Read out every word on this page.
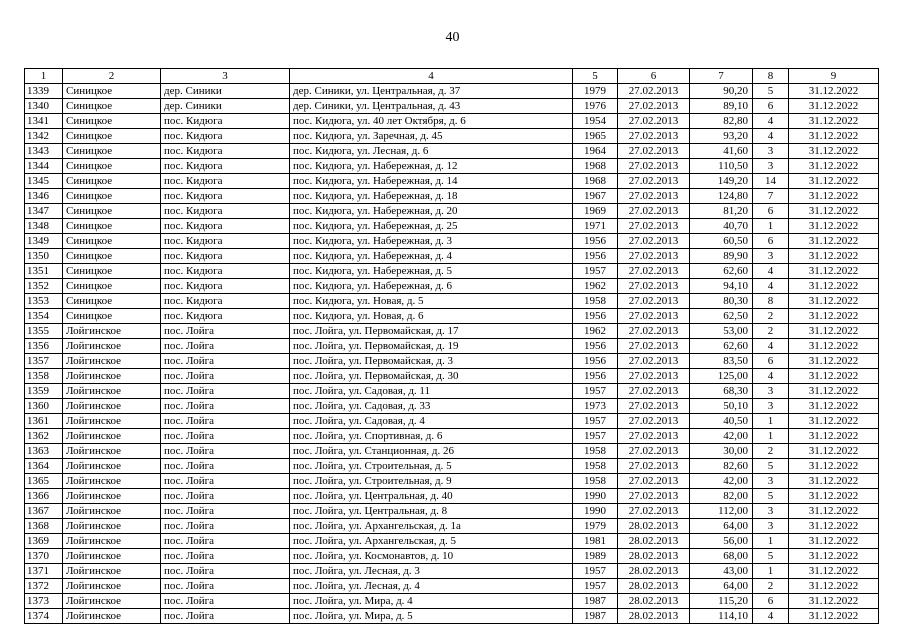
40
1	2	3	4	5	6	7	8	9
1339	Синицкое	дер. Синики	дер. Синики, ул. Центральная, д. 37	1979	27.02.2013	90,20	5	31.12.2022
1340	Синицкое	дер. Синики	дер. Синики, ул. Центральная, д. 43	1976	27.02.2013	89,10	6	31.12.2022
1341	Синицкое	пос. Кидюга	пос. Кидюга, ул. 40 лет Октября, д. 6	1954	27.02.2013	82,80	4	31.12.2022
1342	Синицкое	пос. Кидюга	пос. Кидюга, ул. Заречная, д. 45	1965	27.02.2013	93,20	4	31.12.2022
1343	Синицкое	пос. Кидюга	пос. Кидюга, ул. Лесная, д. 6	1964	27.02.2013	41,60	3	31.12.2022
1344	Синицкое	пос. Кидюга	пос. Кидюга, ул. Набережная, д. 12	1968	27.02.2013	110,50	3	31.12.2022
1345	Синицкое	пос. Кидюга	пос. Кидюга, ул. Набережная, д. 14	1968	27.02.2013	149,20	14	31.12.2022
1346	Синицкое	пос. Кидюга	пос. Кидюга, ул. Набережная, д. 18	1967	27.02.2013	124,80	7	31.12.2022
1347	Синицкое	пос. Кидюга	пос. Кидюга, ул. Набережная, д. 20	1969	27.02.2013	81,20	6	31.12.2022
1348	Синицкое	пос. Кидюга	пос. Кидюга, ул. Набережная, д. 25	1971	27.02.2013	40,70	1	31.12.2022
1349	Синицкое	пос. Кидюга	пос. Кидюга, ул. Набережная, д. 3	1956	27.02.2013	60,50	6	31.12.2022
1350	Синицкое	пос. Кидюга	пос. Кидюга, ул. Набережная, д. 4	1956	27.02.2013	89,90	3	31.12.2022
1351	Синицкое	пос. Кидюга	пос. Кидюга, ул. Набережная, д. 5	1957	27.02.2013	62,60	4	31.12.2022
1352	Синицкое	пос. Кидюга	пос. Кидюга, ул. Набережная, д. 6	1962	27.02.2013	94,10	4	31.12.2022
1353	Синицкое	пос. Кидюга	пос. Кидюга, ул. Новая, д. 5	1958	27.02.2013	80,30	8	31.12.2022
1354	Синицкое	пос. Кидюга	пос. Кидюга, ул. Новая, д. 6	1956	27.02.2013	62,50	2	31.12.2022
1355	Лойгинское	пос. Лойга	пос. Лойга, ул. Первомайская, д. 17	1962	27.02.2013	53,00	2	31.12.2022
1356	Лойгинское	пос. Лойга	пос. Лойга, ул. Первомайская, д. 19	1956	27.02.2013	62,60	4	31.12.2022
1357	Лойгинское	пос. Лойга	пос. Лойга, ул. Первомайская, д. 3	1956	27.02.2013	83,50	6	31.12.2022
1358	Лойгинское	пос. Лойга	пос. Лойга, ул. Первомайская, д. 30	1956	27.02.2013	125,00	4	31.12.2022
1359	Лойгинское	пос. Лойга	пос. Лойга, ул. Садовая, д. 11	1957	27.02.2013	68,30	3	31.12.2022
1360	Лойгинское	пос. Лойга	пос. Лойга, ул. Садовая, д. 33	1973	27.02.2013	50,10	3	31.12.2022
1361	Лойгинское	пос. Лойга	пос. Лойга, ул. Садовая, д. 4	1957	27.02.2013	40,50	1	31.12.2022
1362	Лойгинское	пос. Лойга	пос. Лойга, ул. Спортивная, д. 6	1957	27.02.2013	42,00	1	31.12.2022
1363	Лойгинское	пос. Лойга	пос. Лойга, ул. Станционная, д. 26	1958	27.02.2013	30,00	2	31.12.2022
1364	Лойгинское	пос. Лойга	пос. Лойга, ул. Строительная, д. 5	1958	27.02.2013	82,60	5	31.12.2022
1365	Лойгинское	пос. Лойга	пос. Лойга, ул. Строительная, д. 9	1958	27.02.2013	42,00	3	31.12.2022
1366	Лойгинское	пос. Лойга	пос. Лойга, ул. Центральная, д. 40	1990	27.02.2013	82,00	5	31.12.2022
1367	Лойгинское	пос. Лойга	пос. Лойга, ул. Центральная, д. 8	1990	27.02.2013	112,00	3	31.12.2022
1368	Лойгинское	пос. Лойга	пос. Лойга, ул. Архангельская, д. 1а	1979	28.02.2013	64,00	3	31.12.2022
1369	Лойгинское	пос. Лойга	пос. Лойга, ул. Архангельская, д. 5	1981	28.02.2013	56,00	1	31.12.2022
1370	Лойгинское	пос. Лойга	пос. Лойга, ул. Космонавтов, д. 10	1989	28.02.2013	68,00	5	31.12.2022
1371	Лойгинское	пос. Лойга	пос. Лойга, ул. Лесная, д. 3	1957	28.02.2013	43,00	1	31.12.2022
1372	Лойгинское	пос. Лойга	пос. Лойга, ул. Лесная, д. 4	1957	28.02.2013	64,00	2	31.12.2022
1373	Лойгинское	пос. Лойга	пос. Лойга, ул. Мира, д. 4	1987	28.02.2013	115,20	6	31.12.2022
1374	Лойгинское	пос. Лойга	пос. Лойга, ул. Мира, д. 5	1987	28.02.2013	114,10	4	31.12.2022
